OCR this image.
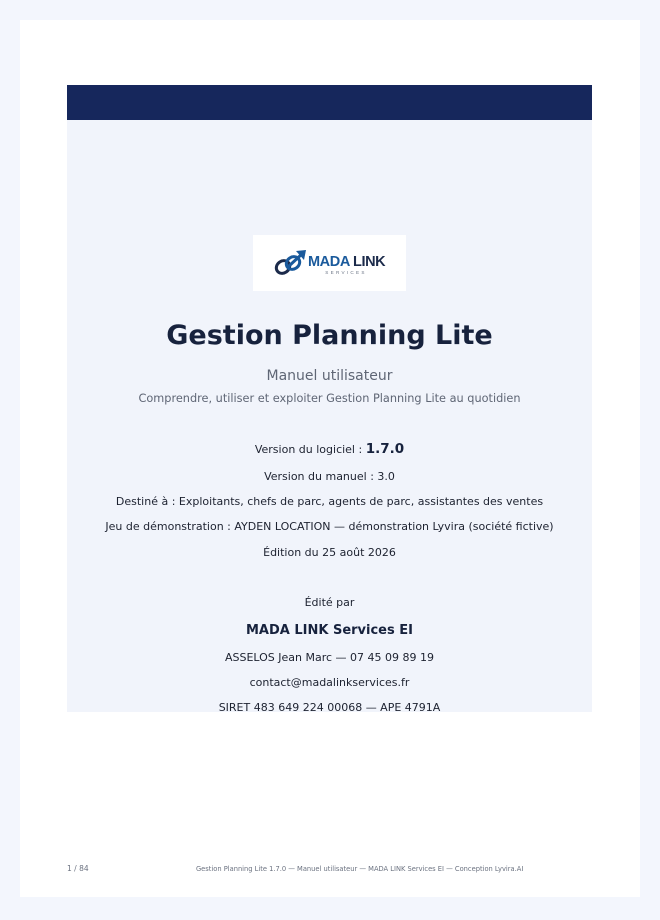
MADA LINK
SERVICES
Gestion Planning Lite
Manuel utilisateur
Comprendre, utiliser et exploiter Gestion Planning Lite au quotidien
Version du logiciel : 1.7.0
Version du manuel : 3.0
Destiné à : Exploitants, chefs de parc, agents de parc, assistantes des ventes
Jeu de démonstration : AYDEN LOCATION — démonstration Lyvira (société fictive)
Édition du 25 août 2026
Édité par
MADA LINK Services EI
ASSELOS Jean Marc — 07 45 09 89 19
contact@madalinkservices.fr
SIRET 483 649 224 00068 — APE 4791A
1 / 84	Gestion Planning Lite 1.7.0 — Manuel utilisateur — MADA LINK Services EI — Conception Lyvira.AI
